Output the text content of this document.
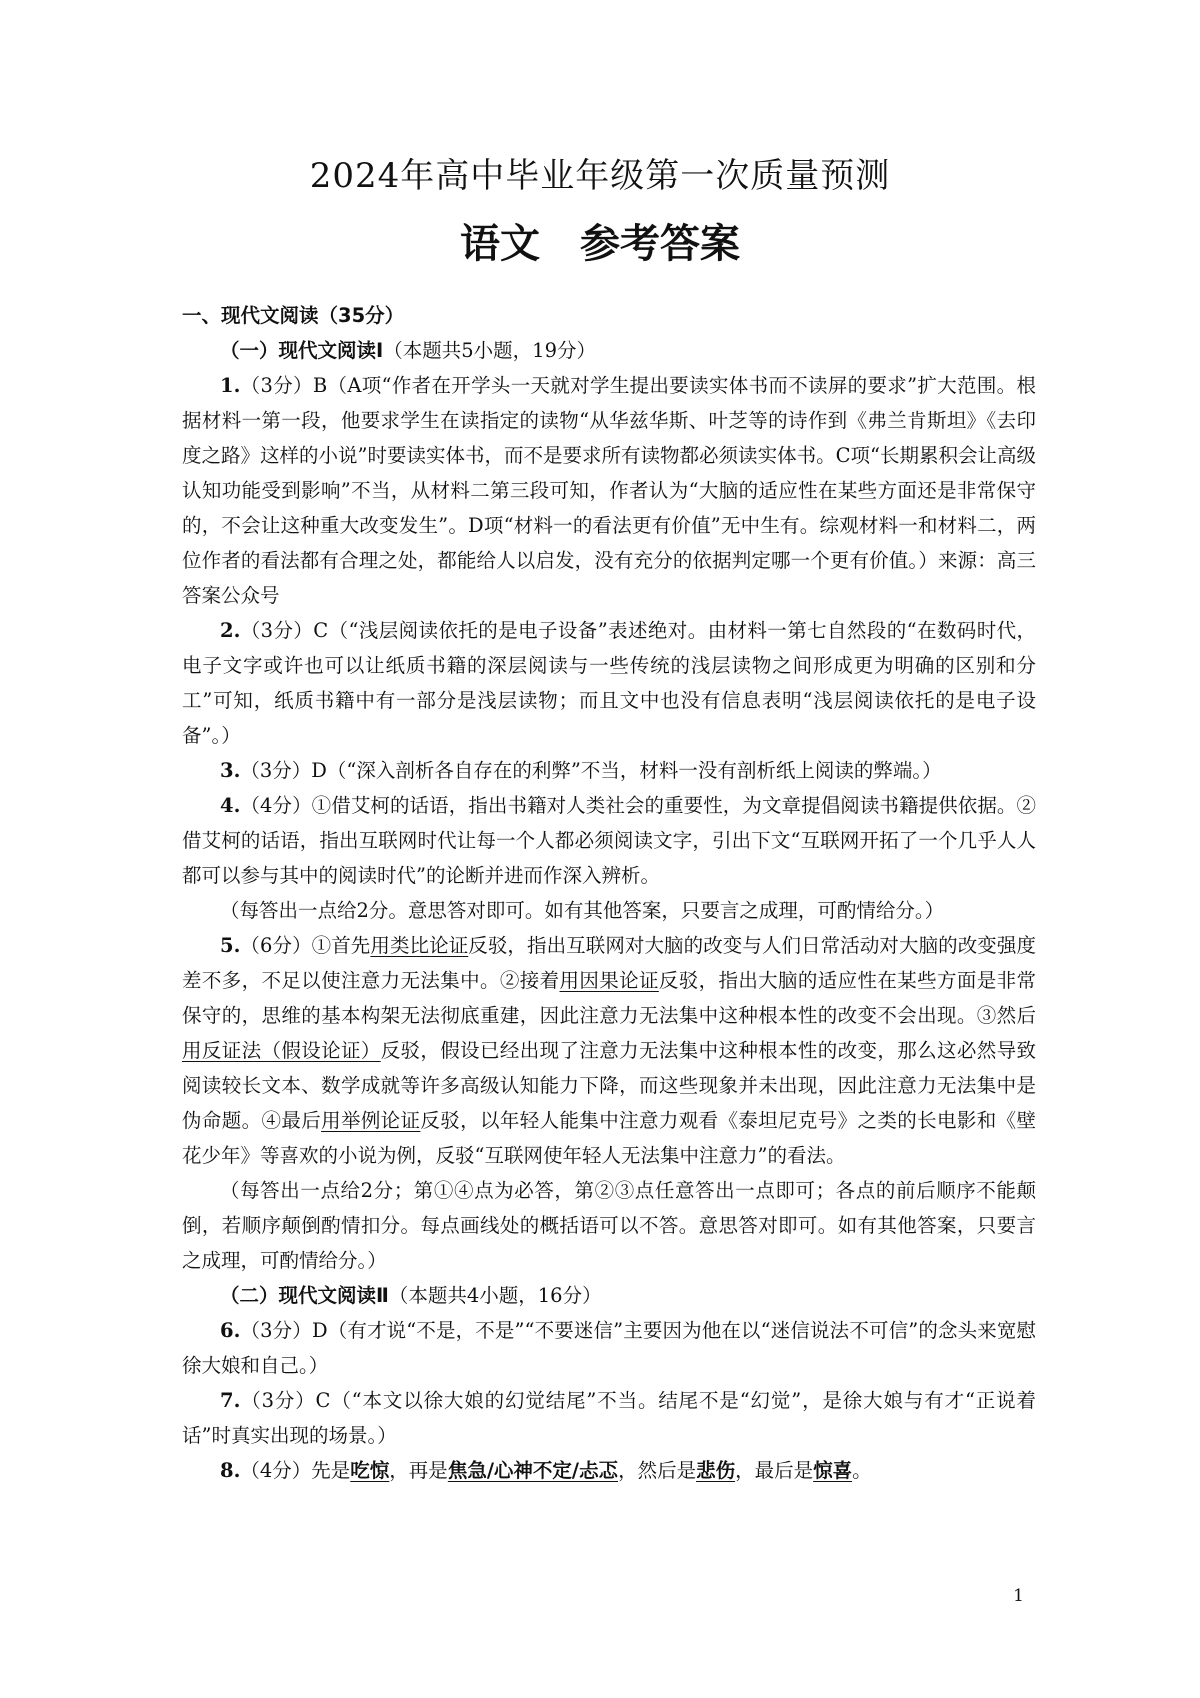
2024年高中毕业年级第一次质量预测
语文 参考答案

一、现代文阅读（35分）

（一）现代文阅读Ⅰ（本题共5小题，19分）

1.（3分）B（A项“作者在开学头一天就对学生提出要读实体书而不读屏的要求”扩大范围。根据材料一第一段，他要求学生在读指定的读物“从华兹华斯、叶芝等的诗作到《弗兰肯斯坦》《去印度之路》这样的小说”时要读实体书，而不是要求所有读物都必须读实体书。C项“长期累积会让高级认知功能受到影响”不当，从材料二第三段可知，作者认为“大脑的适应性在某些方面还是非常保守的，不会让这种重大改变发生”。D项“材料一的看法更有价值”无中生有。综观材料一和材料二，两位作者的看法都有合理之处，都能给人以启发，没有充分的依据判定哪一个更有价值。）来源：高三答案公众号

2.（3分）C（“浅层阅读依托的是电子设备”表述绝对。由材料一第七自然段的“在数码时代，电子文字或许也可以让纸质书籍的深层阅读与一些传统的浅层读物之间形成更为明确的区别和分工”可知，纸质书籍中有一部分是浅层读物；而且文中也没有信息表明“浅层阅读依托的是电子设备”。）

3.（3分）D（“深入剖析各自存在的利弊”不当，材料一没有剖析纸上阅读的弊端。）

4.（4分）①借艾柯的话语，指出书籍对人类社会的重要性，为文章提倡阅读书籍提供依据。②借艾柯的话语，指出互联网时代让每一个人都必须阅读文字，引出下文“互联网开拓了一个几乎人人都可以参与其中的阅读时代”的论断并进而作深入辨析。

（每答出一点给2分。意思答对即可。如有其他答案，只要言之成理，可酌情给分。）

5.（6分）①首先用类比论证反驳，指出互联网对大脑的改变与人们日常活动对大脑的改变强度差不多，不足以使注意力无法集中。②接着用因果论证反驳，指出大脑的适应性在某些方面是非常保守的，思维的基本构架无法彻底重建，因此注意力无法集中这种根本性的改变不会出现。③然后用反证法（假设论证）反驳，假设已经出现了注意力无法集中这种根本性的改变，那么这必然导致阅读较长文本、数学成就等许多高级认知能力下降，而这些现象并未出现，因此注意力无法集中是伪命题。④最后用举例论证反驳，以年轻人能集中注意力观看《泰坦尼克号》之类的长电影和《壁花少年》等喜欢的小说为例，反驳“互联网使年轻人无法集中注意力”的看法。

（每答出一点给2分；第①④点为必答，第②③点任意答出一点即可；各点的前后顺序不能颠倒，若顺序颠倒酌情扣分。每点画线处的概括语可以不答。意思答对即可。如有其他答案，只要言之成理，可酌情给分。）

（二）现代文阅读Ⅱ（本题共4小题，16分）

6.（3分）D（有才说“不是，不是”“不要迷信”主要因为他在以“迷信说法不可信”的念头来宽慰徐大娘和自己。）

7.（3分）C（“本文以徐大娘的幻觉结尾”不当。结尾不是“幻觉”，是徐大娘与有才“正说着话”时真实出现的场景。）

8.（4分）先是吃惊，再是焦急/心神不定/忐忑，然后是悲伤，最后是惊喜。

1
